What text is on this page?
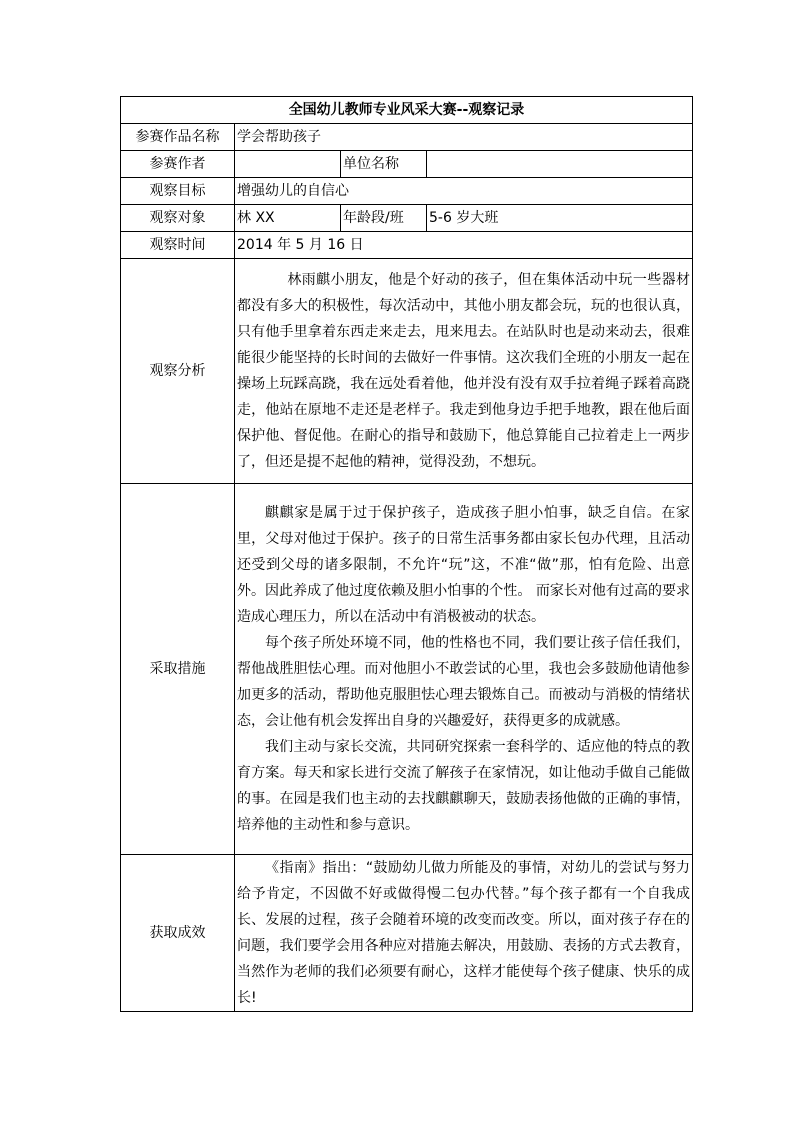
全国幼儿教师专业风采大赛--观察记录			
参赛作品名称	学会帮助孩子		
参赛作者		单位名称	
观察目标	增强幼儿的自信心		
观察对象	林 XX	年龄段/班	5-6 岁大班
观察时间	2014 年 5 月 16 日		
观察分析	林雨麒小朋友，他是个好动的孩子，但在集体活动中玩一些器材都没有多大的积极性，每次活动中，其他小朋友都会玩，玩的也很认真，只有他手里拿着东西走来走去，甩来甩去。在站队时也是动来动去，很难能很少能坚持的长时间的去做好一件事情。这次我们全班的小朋友一起在操场上玩踩高跷，我在远处看着他，他并没有没有双手拉着绳子踩着高跷走，他站在原地不走还是老样子。我走到他身边手把手地教，跟在他后面保护他、督促他。在耐心的指导和鼓励下，他总算能自己拉着走上一两步了，但还是提不起他的精神，觉得没劲，不想玩。		

采取措施	麒麒家是属于过于保护孩子，造成孩子胆小怕事，缺乏自信。在家里，父母对他过于保护。孩子的日常生活事务都由家长包办代理，且活动还受到父母的诸多限制，不允许“玩”这，不准“做”那，怕有危险、出意外。因此养成了他过度依赖及胆小怕事的个性。 而家长对他有过高的要求造成心理压力，所以在活动中有消极被动的状态。

每个孩子所处环境不同，他的性格也不同，我们要让孩子信任我们，帮他战胜胆怯心理。而对他胆小不敢尝试的心里，我也会多鼓励他请他参加更多的活动，帮助他克服胆怯心理去锻炼自己。而被动与消极的情绪状态，会让他有机会发挥出自身的兴趣爱好，获得更多的成就感。

我们主动与家长交流，共同研究探索一套科学的、适应他的特点的教育方案。每天和家长进行交流了解孩子在家情况，如让他动手做自己能做的事。在园是我们也主动的去找麒麒聊天，鼓励表扬他做的正确的事情，培养他的主动性和参与意识。		

获取成效	《指南》指出：“鼓励幼儿做力所能及的事情，对幼儿的尝试与努力给予肯定，不因做不好或做得慢二包办代替。”每个孩子都有一个自我成长、发展的过程，孩子会随着环境的改变而改变。所以，面对孩子存在的问题，我们要学会用各种应对措施去解决，用鼓励、表扬的方式去教育，当然作为老师的我们必须要有耐心，这样才能使每个孩子健康、快乐的成长!		
